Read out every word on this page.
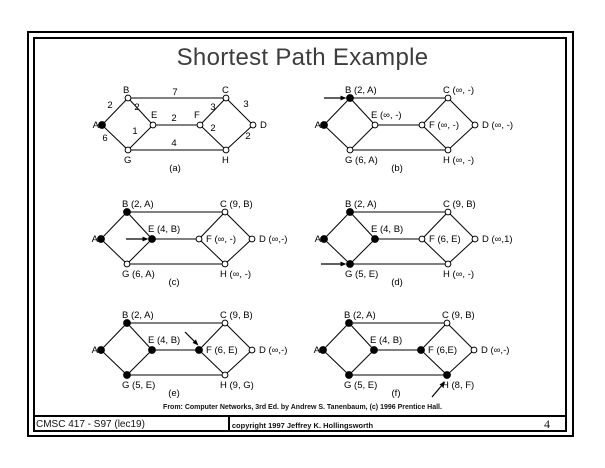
Shortest Path Example
2
6
2
7
3	3
2
2
1	2
4
A
B	C
D
E	F
G	H
(a)
A
B (2, A)	C (∞, -)
D (∞, -)
E (∞, -)
F (∞, -)
G (6, A)	H (∞, -)
(b)
A
B (2, A)	C (9, B)
D (∞,-)
E (4, B)
F (∞, -)
G (6, A)	H (∞, -)
(c)
A
B (2, A)	C (9, B)
D (∞,1)
E (4, B)
F (6, E)
G (5, E)	H (∞, -)
(d)
A
B (2, A)	C (9, B)
D (∞,-)
E (4, B)
F (6, E)
G (5, E)	H (9, G)
(e)
A
B (2, A)	C (9, B)
D (∞,-)
E (4, B)
F (6,E)
G (5, E)	H (8, F)
(f)
From: Computer Networks, 3rd Ed. by Andrew S. Tanenbaum, (c) 1996 Prentice Hall.
CMSC 417 - S97 (lec19)	copyright 1997 Jeffrey K. Hollingsworth	4
